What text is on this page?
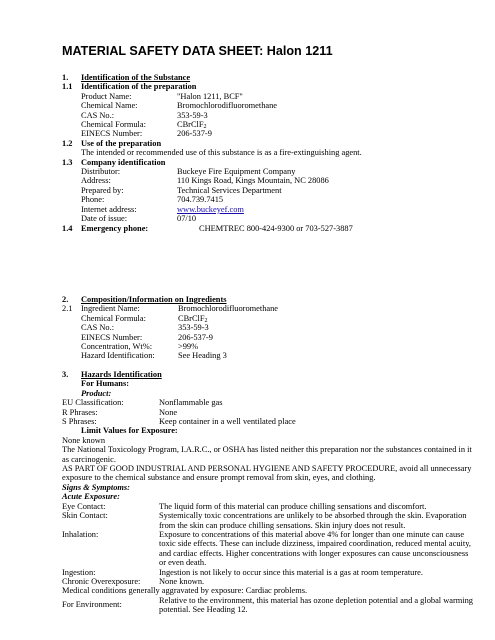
MATERIAL SAFETY DATA SHEET: Halon 1211
1.	Identification of the Substance
1.1	Identification of the preparation
Product Name:	"Halon 1211, BCF"
Chemical Name:	Bromochlorodifluoromethane
CAS No.:	353-59-3
Chemical Formula:	CBrClF$_2$
EINECS Number:	206-537-9
1.2	Use of the preparation
The intended or recommended use of this substance is as a fire-extinguishing agent.
1.3	Company identification
Distributor:	Buckeye Fire Equipment Company
Address:	110 Kings Road, Kings Mountain, NC 28086
Prepared by:	Technical Services Department
Phone:	704.739.7415
Internet address:	www.buckeyef.com
Date of issue:	07/10
1.4	Emergency phone:	CHEMTREC 800-424-9300 or 703-527-3887
2.	Composition/Information on Ingredients
2.1	Ingredient Name:	Bromochlorodifluoromethane
Chemical Formula:	CBrClF$_2$
CAS No.:	353-59-3
EINECS Number:	206-537-9
Concentration, Wt%:	>99%
Hazard Identification:	See Heading 3
3.	Hazards Identification
For Humans:
Product:
EU Classification:	Nonflammable gas
R Phrases:	None
S Phrases:	Keep container in a well ventilated place
Limit Values for Exposure:
None known
The National Toxicology Program, I.A.R.C., or OSHA has listed neither this preparation nor the substances contained in it as carcinogenic.
AS PART OF GOOD INDUSTRIAL AND PERSONAL HYGIENE AND SAFETY PROCEDURE, avoid all unnecessary exposure to the chemical substance and ensure prompt removal from skin, eyes, and clothing.
Signs & Symptoms:
Acute Exposure:
Eye Contact:	The liquid form of this material can produce chilling sensations and discomfort.
Skin Contact:	Systemically toxic concentrations are unlikely to be absorbed through the skin. Evaporation from the skin can produce chilling sensations. Skin injury does not result.
Inhalation:	Exposure to concentrations of this material above 4% for longer than one minute can cause toxic side effects. These can include dizziness, impaired coordination, reduced mental acuity, and cardiac effects. Higher concentrations with longer exposures can cause unconsciousness or even death.
Ingestion:	Ingestion is not likely to occur since this material is a gas at room temperature.
Chronic Overexposure:	None known.
Medical conditions generally aggravated by exposure: Cardiac problems.
For Environment:
Relative to the environment, this material has ozone depletion potential and a global warming potential. See Heading 12.
